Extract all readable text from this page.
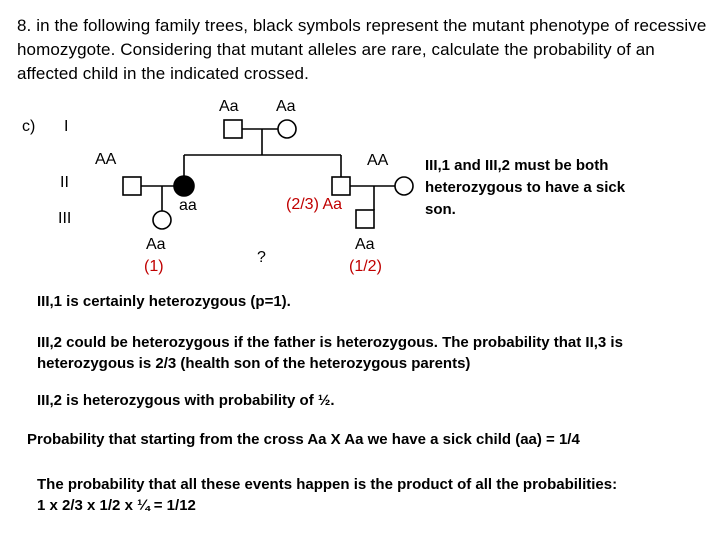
8. in the following family trees, black symbols represent the mutant phenotype of recessive homozygote. Considering that mutant alleles are rare, calculate the probability of an affected child in the indicated crossed.
Aa Aa
c) I
II
III
AA
aa
AA
(2/3) Aa
Aa
(1)
?
Aa
(1/2)
III,1 and III,2 must be both
heterozygous to have a sick
son.
III,1 is certainly heterozygous (p=1).
III,2 could be heterozygous if the father is heterozygous. The probability that II,3 is
heterozygous is 2/3 (health son of the heterozygous parents)
III,2 is heterozygous with probability of ½.
Probability that starting from the cross Aa X Aa we have a sick child (aa) = 1/4
The probability that all these events happen is the product of all the probabilities:
1 x 2/3 x 1/2 x ¼ = 1/12
